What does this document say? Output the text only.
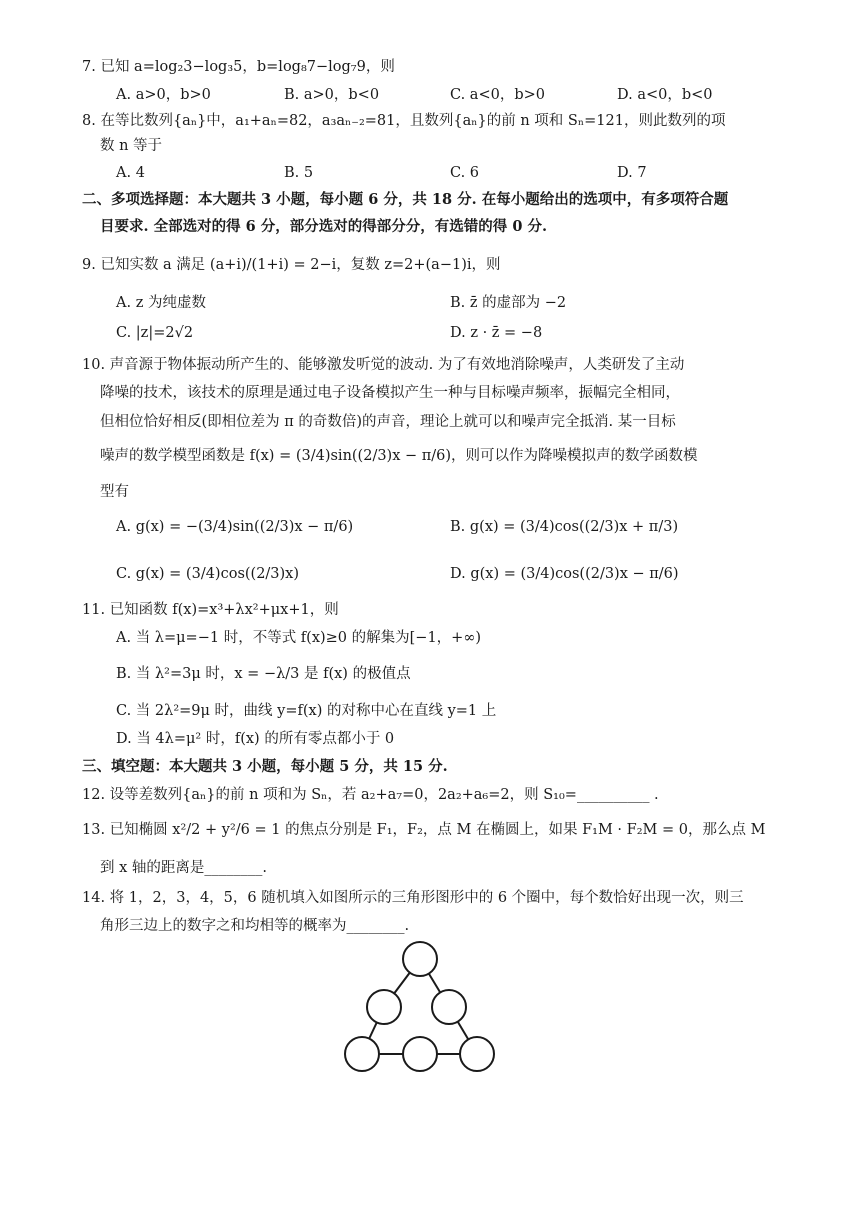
7. 已知 a=log₂3−log₃5，b=log₈7−log₇9，则
A. a>0，b>0	B. a>0，b<0	C. a<0，b>0	D. a<0，b<0
8. 在等比数列{aₙ}中，a₁+aₙ=82，a₃aₙ₋₂=81，且数列{aₙ}的前 n 项和 Sₙ=121，则此数列的项
数 n 等于
A. 4	B. 5	C. 6	D. 7
二、多项选择题：本大题共 3 小题，每小题 6 分，共 18 分. 在每小题给出的选项中，有多项符合题
目要求. 全部选对的得 6 分，部分选对的得部分分，有选错的得 0 分.
9. 已知实数 a 满足 (a+i)/(1+i) = 2−i，复数 z=2+(a−1)i，则
A. z 为纯虚数	B. z̄ 的虚部为 −2
C. |z|=2√2	D. z · z̄ = −8
10. 声音源于物体振动所产生的、能够激发听觉的波动. 为了有效地消除噪声，人类研发了主动
降噪的技术，该技术的原理是通过电子设备模拟产生一种与目标噪声频率，振幅完全相同，
但相位恰好相反(即相位差为 π 的奇数倍)的声音，理论上就可以和噪声完全抵消. 某一目标
噪声的数学模型函数是 f(x) = (3/4)sin((2/3)x − π/6)，则可以作为降噪模拟声的数学函数模
型有
A. g(x) = −(3/4)sin((2/3)x − π/6)	B. g(x) = (3/4)cos((2/3)x + π/3)
C. g(x) = (3/4)cos((2/3)x)	D. g(x) = (3/4)cos((2/3)x − π/6)
11. 已知函数 f(x)=x³+λx²+μx+1，则
A. 当 λ=μ=−1 时，不等式 f(x)≥0 的解集为[−1，+∞)
B. 当 λ²=3μ 时，x = −λ/3 是 f(x) 的极值点
C. 当 2λ²=9μ 时，曲线 y=f(x) 的对称中心在直线 y=1 上
D. 当 4λ=μ² 时，f(x) 的所有零点都小于 0
三、填空题：本大题共 3 小题，每小题 5 分，共 15 分.
12. 设等差数列{aₙ}的前 n 项和为 Sₙ，若 a₂+a₇=0，2a₂+a₆=2，则 S₁₀=__________ .
13. 已知椭圆 x²/2 + y²/6 = 1 的焦点分别是 F₁，F₂，点 M 在椭圆上，如果 F₁M · F₂M = 0，那么点 M
到 x 轴的距离是________.
14. 将 1，2，3，4，5，6 随机填入如图所示的三角形图形中的 6 个圈中，每个数恰好出现一次，则三
角形三边上的数字之和均相等的概率为________.
